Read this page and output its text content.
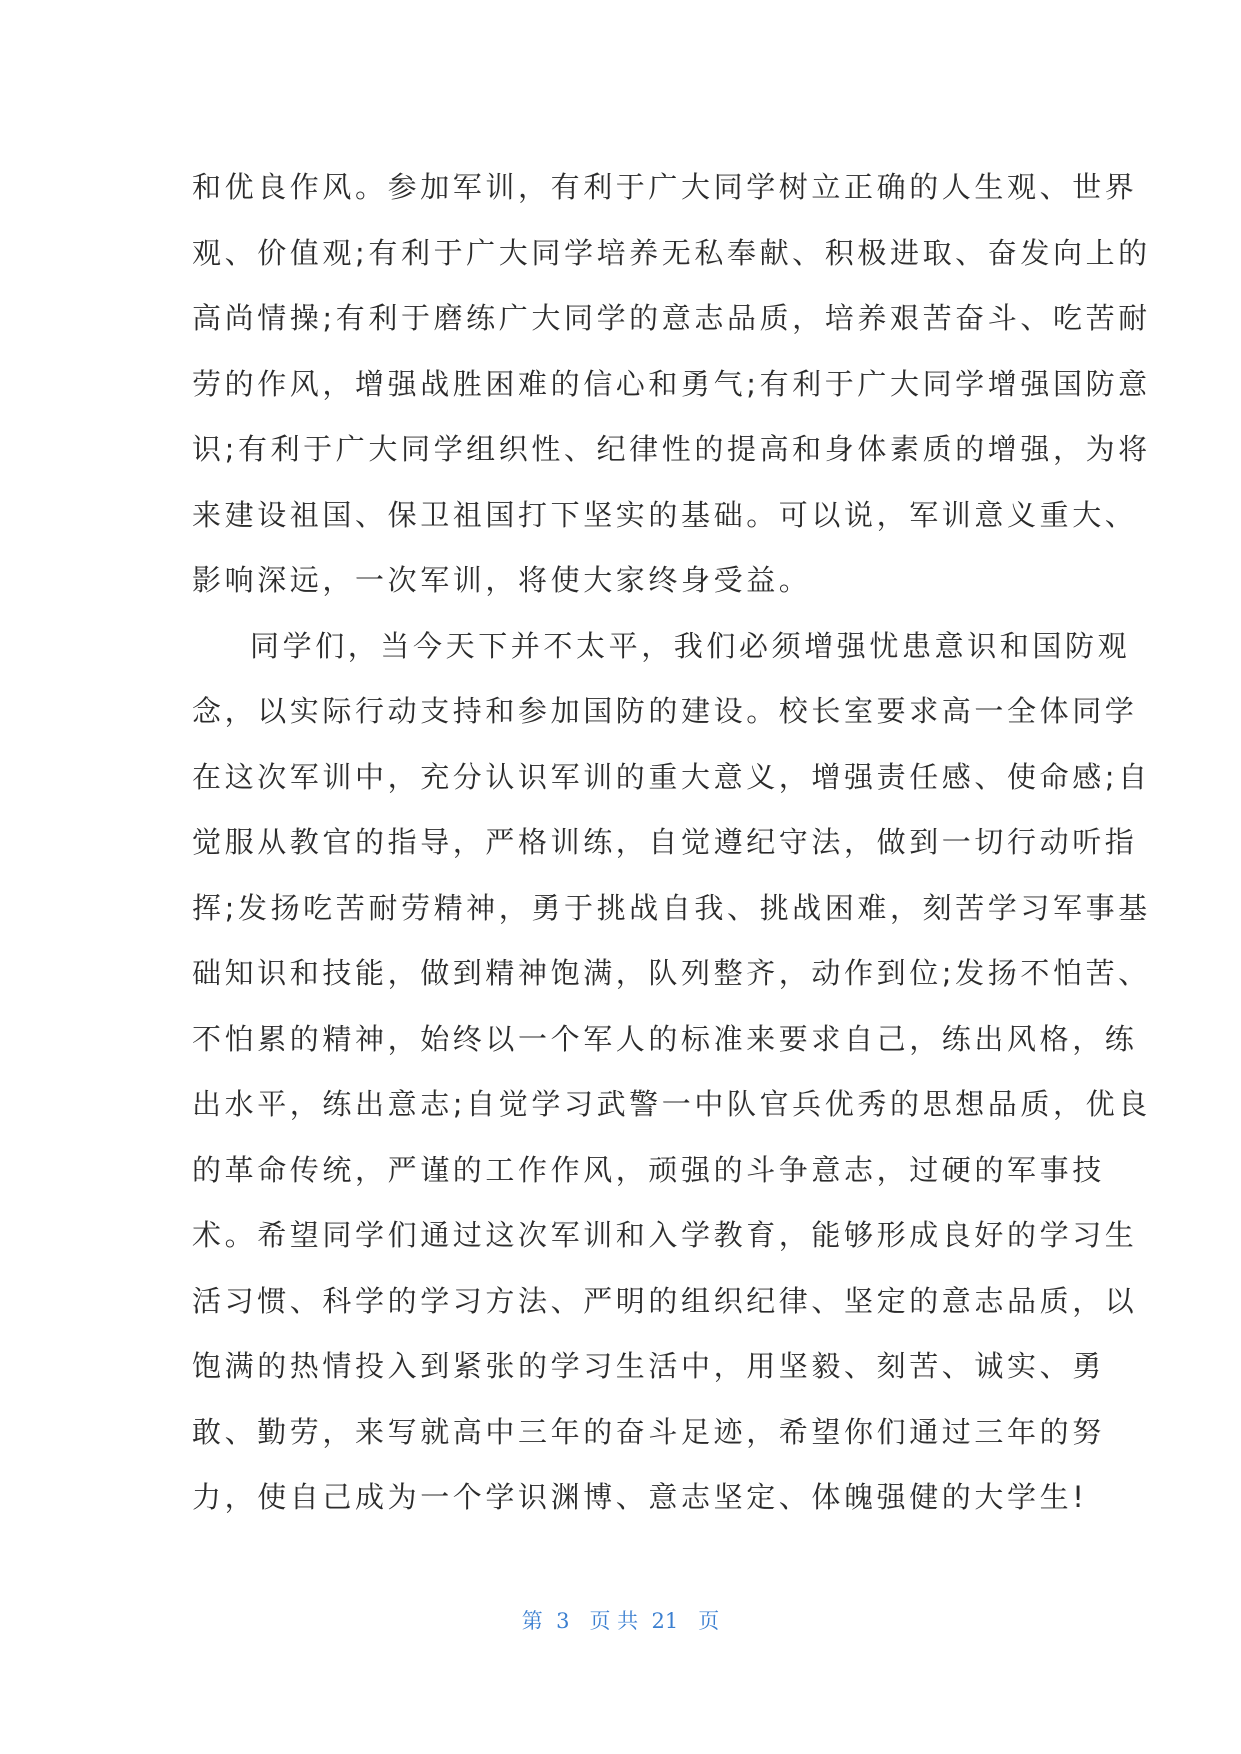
和优良作风。参加军训，有利于广大同学树立正确的人生观、世界
观、价值观;有利于广大同学培养无私奉献、积极进取、奋发向上的
高尚情操;有利于磨练广大同学的意志品质，培养艰苦奋斗、吃苦耐
劳的作风，增强战胜困难的信心和勇气;有利于广大同学增强国防意
识;有利于广大同学组织性、纪律性的提高和身体素质的增强，为将
来建设祖国、保卫祖国打下坚实的基础。可以说，军训意义重大、
影响深远，一次军训，将使大家终身受益。
同学们，当今天下并不太平，我们必须增强忧患意识和国防观
念，以实际行动支持和参加国防的建设。校长室要求高一全体同学
在这次军训中，充分认识军训的重大意义，增强责任感、使命感;自
觉服从教官的指导，严格训练，自觉遵纪守法，做到一切行动听指
挥;发扬吃苦耐劳精神，勇于挑战自我、挑战困难，刻苦学习军事基
础知识和技能，做到精神饱满，队列整齐，动作到位;发扬不怕苦、
不怕累的精神，始终以一个军人的标准来要求自己，练出风格，练
出水平，练出意志;自觉学习武警一中队官兵优秀的思想品质，优良
的革命传统，严谨的工作作风，顽强的斗争意志，过硬的军事技
术。希望同学们通过这次军训和入学教育，能够形成良好的学习生
活习惯、科学的学习方法、严明的组织纪律、坚定的意志品质，以
饱满的热情投入到紧张的学习生活中，用坚毅、刻苦、诚实、勇
敢、勤劳，来写就高中三年的奋斗足迹，希望你们通过三年的努
力，使自己成为一个学识渊博、意志坚定、体魄强健的大学生!
第  3   页 共  21   页
